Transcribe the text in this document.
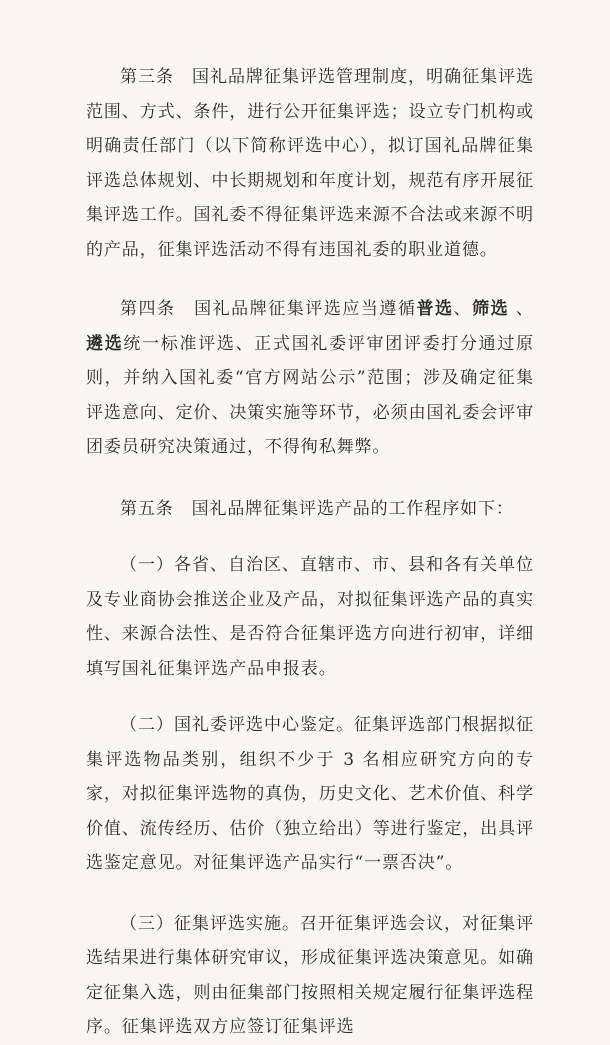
第三条　国礼品牌征集评选管理制度，明确征集评选范围、方式、条件，进行公开征集评选；设立专门机构或明确责任部门（以下简称评选中心），拟订国礼品牌征集评选总体规划、中长期规划和年度计划，规范有序开展征集评选工作。国礼委不得征集评选来源不合法或来源不明的产品，征集评选活动不得有违国礼委的职业道德。

第四条　国礼品牌征集评选应当遵循普选、筛选 、 遴选统一标准评选、正式国礼委评审团评委打分通过原则，并纳入国礼委“官方网站公示”范围；涉及确定征集评选意向、定价、决策实施等环节，必须由国礼委会评审团委员研究决策通过，不得徇私舞弊。

第五条　国礼品牌征集评选产品的工作程序如下：

（一）各省、自治区、直辖市、市、县和各有关单位及专业商协会推送企业及产品，对拟征集评选产品的真实性、来源合法性、是否符合征集评选方向进行初审，详细填写国礼征集评选产品申报表。

（二）国礼委评选中心鉴定。征集评选部门根据拟征集评选物品类别，组织不少于 3 名相应研究方向的专家，对拟征集评选物的真伪，历史文化、艺术价值、科学价值、流传经历、估价（独立给出）等进行鉴定，出具评选鉴定意见。对征集评选产品实行“一票否决”。

（三）征集评选实施。召开征集评选会议，对征集评选结果进行集体研究审议，形成征集评选决策意见。如确定征集入选，则由征集部门按照相关规定履行征集评选程序。征集评选双方应签订征集评选
